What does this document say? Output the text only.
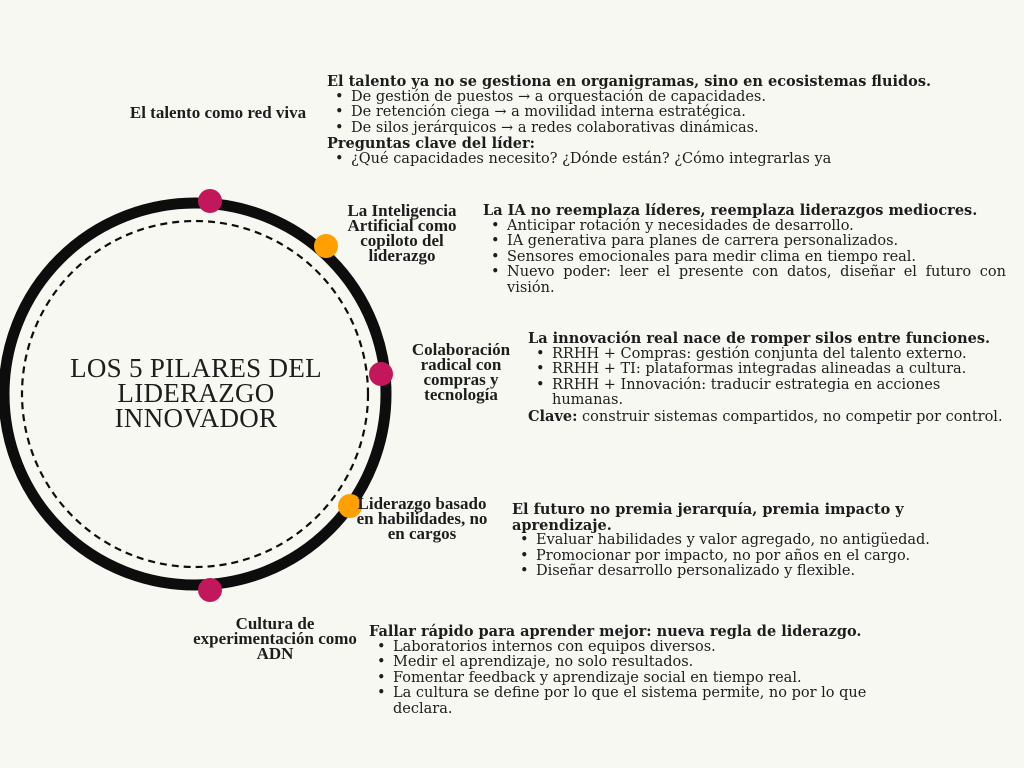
LOS 5 PILARES DEL LIDERAZGO INNOVADOR
El talento como red viva
La Inteligencia Artificial como copiloto del liderazgo
Colaboración radical con compras y tecnología
Liderazgo basado en habilidades, no en cargos
Cultura de experimentación como ADN
El talento ya no se gestiona en organigramas, sino en ecosistemas fluidos.
• De gestión de puestos → a orquestación de capacidades.
• De retención ciega → a movilidad interna estratégica.
• De silos jerárquicos → a redes colaborativas dinámicas.
Preguntas clave del líder:
• ¿Qué capacidades necesito? ¿Dónde están? ¿Cómo integrarlas ya
La IA no reemplaza líderes, reemplaza liderazgos mediocres.
• Anticipar rotación y necesidades de desarrollo.
• IA generativa para planes de carrera personalizados.
• Sensores emocionales para medir clima en tiempo real.
• Nuevo poder: leer el presente con datos, diseñar el futuro con visión.
La innovación real nace de romper silos entre funciones.
• RRHH + Compras: gestión conjunta del talento externo.
• RRHH + TI: plataformas integradas alineadas a cultura.
• RRHH + Innovación: traducir estrategia en acciones humanas.
Clave: construir sistemas compartidos, no competir por control.
El futuro no premia jerarquía, premia impacto y aprendizaje.
• Evaluar habilidades y valor agregado, no antigüedad.
• Promocionar por impacto, no por años en el cargo.
• Diseñar desarrollo personalizado y flexible.
Fallar rápido para aprender mejor: nueva regla de liderazgo.
• Laboratorios internos con equipos diversos.
• Medir el aprendizaje, no solo resultados.
• Fomentar feedback y aprendizaje social en tiempo real.
• La cultura se define por lo que el sistema permite, no por lo que declara.
